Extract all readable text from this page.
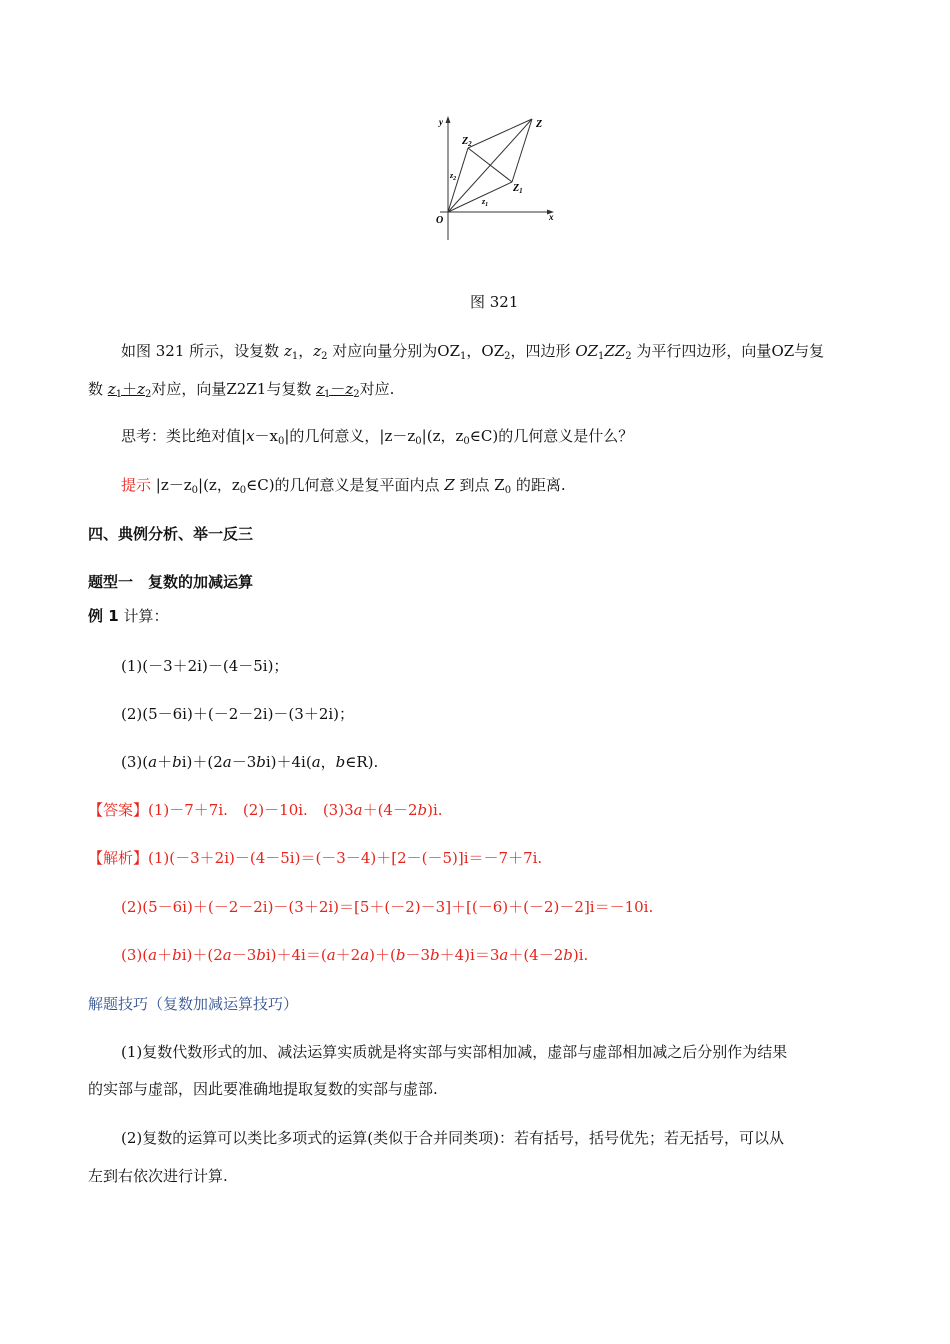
y
x
O
Z
$Z_2$
$Z_1$
$z_2$
$z_1$
图 321
如图 321 所示，设复数 $z_1$，$z_2$ 对应向量分别为$OZ_1$，$OZ_2$，四边形 $OZ_1ZZ_2$ 为平行四边形，向量OZ与复
数 $z_1+z_2$对应，向量Z2Z1与复数 $z_1-z_2$对应.
思考：类比绝对值$|x-x_0|$的几何意义，$|z-z_0|(z$，$z_0\in C$)的几何意义是什么？
提示 $|z-z_0|(z$，$z_0\in C$)的几何意义是复平面内点 Z 到点 $Z_0$ 的距离.
四、典例分析、举一反三
题型一　复数的加减运算
例 1 计算：
(1)(－3＋2i)－(4－5i)；
(2)(5－6i)＋(－2－2i)－(3＋2i)；
(3)(a＋bi)＋(2a－3bi)＋4i(a，b∈R).
【答案】(1)－7＋7i.　(2)－10i.　(3)3a＋(4－2b)i.
【解析】(1)(－3＋2i)－(4－5i)＝(－3－4)＋[2－(－5)]i＝－7＋7i.
(2)(5－6i)＋(－2－2i)－(3＋2i)＝[5＋(－2)－3]＋[(－6)＋(－2)－2]i＝－10i.
(3)(a＋bi)＋(2a－3bi)＋4i＝(a＋2a)＋(b－3b＋4)i＝3a＋(4－2b)i.
解题技巧（复数加减运算技巧）
(1)复数代数形式的加、减法运算实质就是将实部与实部相加减，虚部与虚部相加减之后分别作为结果
的实部与虚部，因此要准确地提取复数的实部与虚部.
(2)复数的运算可以类比多项式的运算(类似于合并同类项)：若有括号，括号优先；若无括号，可以从
左到右依次进行计算.
